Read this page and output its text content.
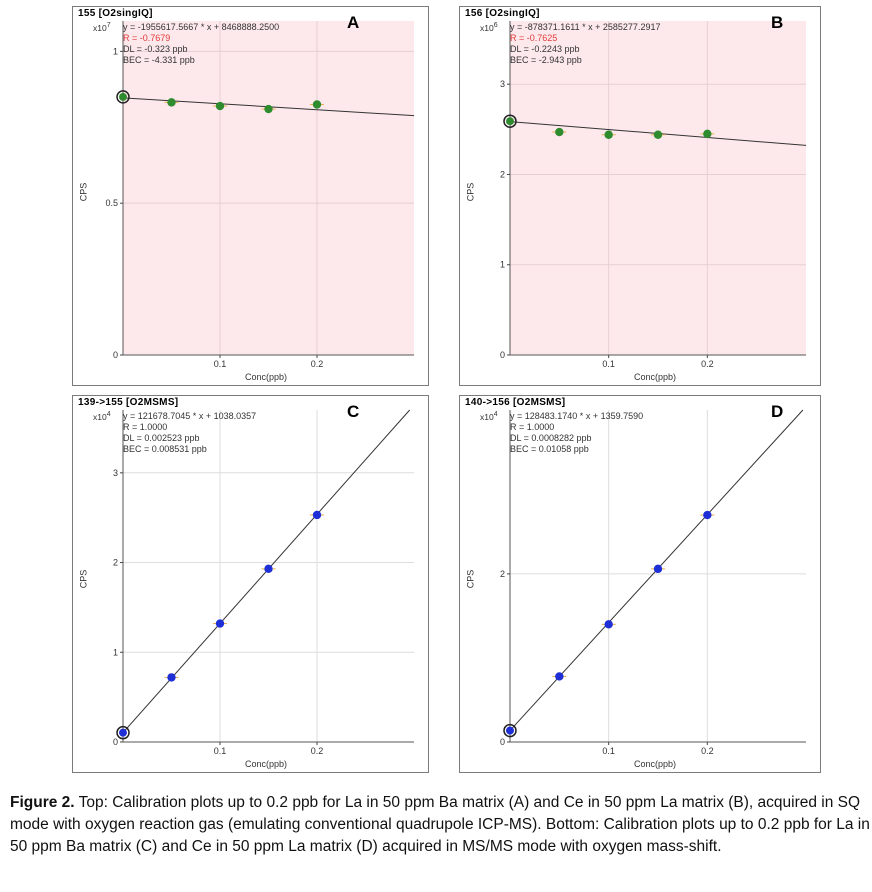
0.1	0.2
0
0.5
1
155 [O2singIQ]	A
$x10^7$ y = -1955617.5667 * x + 8468888.2500
R = -0.7679
DL = -0.323 ppb
BEC = -4.331 ppb
CPS
Conc(ppb)
0.1	0.2
0
1
2
3
156 [O2singIQ]	B
$x10^6$ y = -878371.1611 * x + 2585277.2917
R = -0.7625
DL = -0.2243 ppb
BEC = -2.943 ppb
CPS
Conc(ppb)
0.1	0.2
0
1
2
3
139->155 [O2MSMS]	C
$x10^4$ y = 121678.7045 * x + 1038.0357
R = 1.0000
DL = 0.002523 ppb
BEC = 0.008531 ppb
CPS
Conc(ppb)
0.1	0.2
0
2
140->156 [O2MSMS]	D
$x10^4$ y = 128483.1740 * x + 1359.7590
R = 1.0000
DL = 0.0008282 ppb
BEC = 0.01058 ppb
CPS
Conc(ppb)
Figure 2. Top: Calibration plots up to 0.2 ppb for La in 50 ppm Ba matrix (A) and Ce in 50 ppm La matrix (B), acquired in SQ mode with oxygen reaction gas (emulating conventional quadrupole ICP-MS). Bottom: Calibration plots up to 0.2 ppb for La in 50 ppm Ba matrix (C) and Ce in 50 ppm La matrix (D) acquired in MS/MS mode with oxygen mass-shift.
